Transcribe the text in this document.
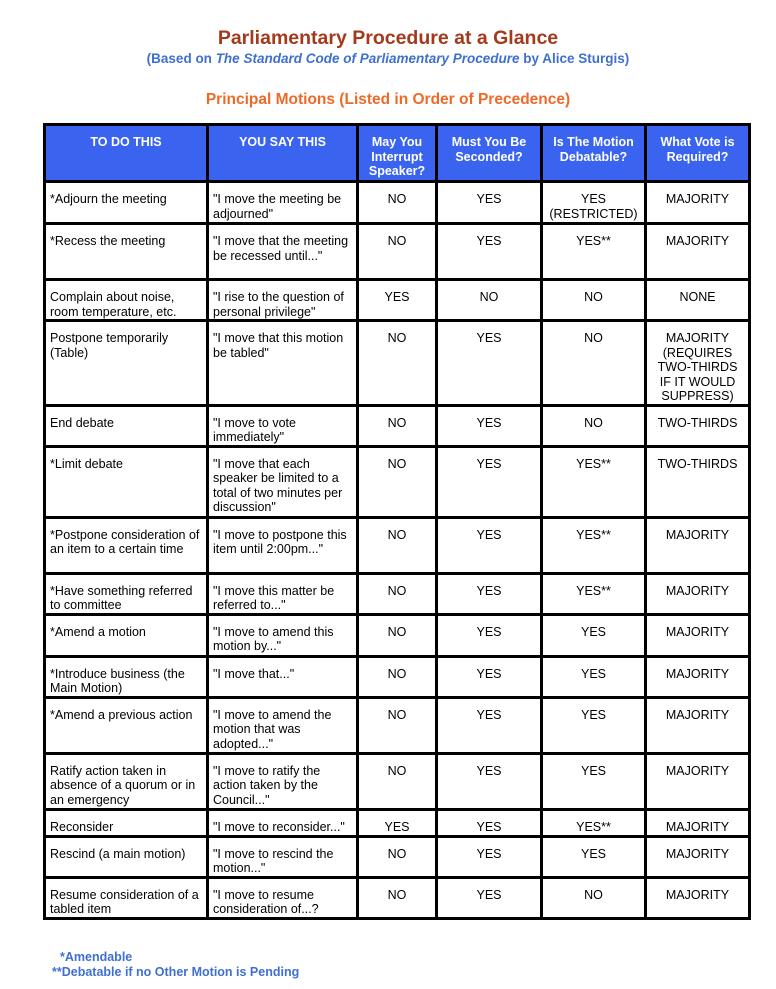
Parliamentary Procedure at a Glance
(Based on The Standard Code of Parliamentary Procedure by Alice Sturgis)
Principal Motions (Listed in Order of Precedence)
TO DO THIS	YOU SAY THIS	May You Interrupt Speaker?	Must You Be Seconded?	Is The Motion Debatable?	What Vote is Required?
*Adjourn the meeting	"I move the meeting be adjourned"	NO	YES	YES (RESTRICTED)	MAJORITY
*Recess the meeting	"I move that the meeting be recessed until..."	NO	YES	YES**	MAJORITY
Complain about noise, room temperature, etc.	"I rise to the question of personal privilege"	YES	NO	NO	NONE
Postpone temporarily (Table)	"I move that this motion be tabled"	NO	YES	NO	MAJORITY (REQUIRES TWO-THIRDS IF IT WOULD SUPPRESS)
End debate	"I move to vote immediately"	NO	YES	NO	TWO-THIRDS
*Limit debate	"I move that each speaker be limited to a total of two minutes per discussion"	NO	YES	YES**	TWO-THIRDS
*Postpone consideration of an item to a certain time	"I move to postpone this item until 2:00pm..."	NO	YES	YES**	MAJORITY
*Have something referred to committee	"I move this matter be referred to..."	NO	YES	YES**	MAJORITY
*Amend a motion	"I move to amend this motion by..."	NO	YES	YES	MAJORITY
*Introduce business (the Main Motion)	"I move that..."	NO	YES	YES	MAJORITY
*Amend a previous action	"I move to amend the motion that was adopted..."	NO	YES	YES	MAJORITY
Ratify action taken in absence of a quorum or in an emergency	"I move to ratify the action taken by the Council..."	NO	YES	YES	MAJORITY
Reconsider	"I move to reconsider..."	YES	YES	YES**	MAJORITY
Rescind (a main motion)	"I move to rescind the motion..."	NO	YES	YES	MAJORITY
Resume consideration of a tabled item	"I move to resume consideration of...?	NO	YES	NO	MAJORITY
*Amendable
**Debatable if no Other Motion is Pending
